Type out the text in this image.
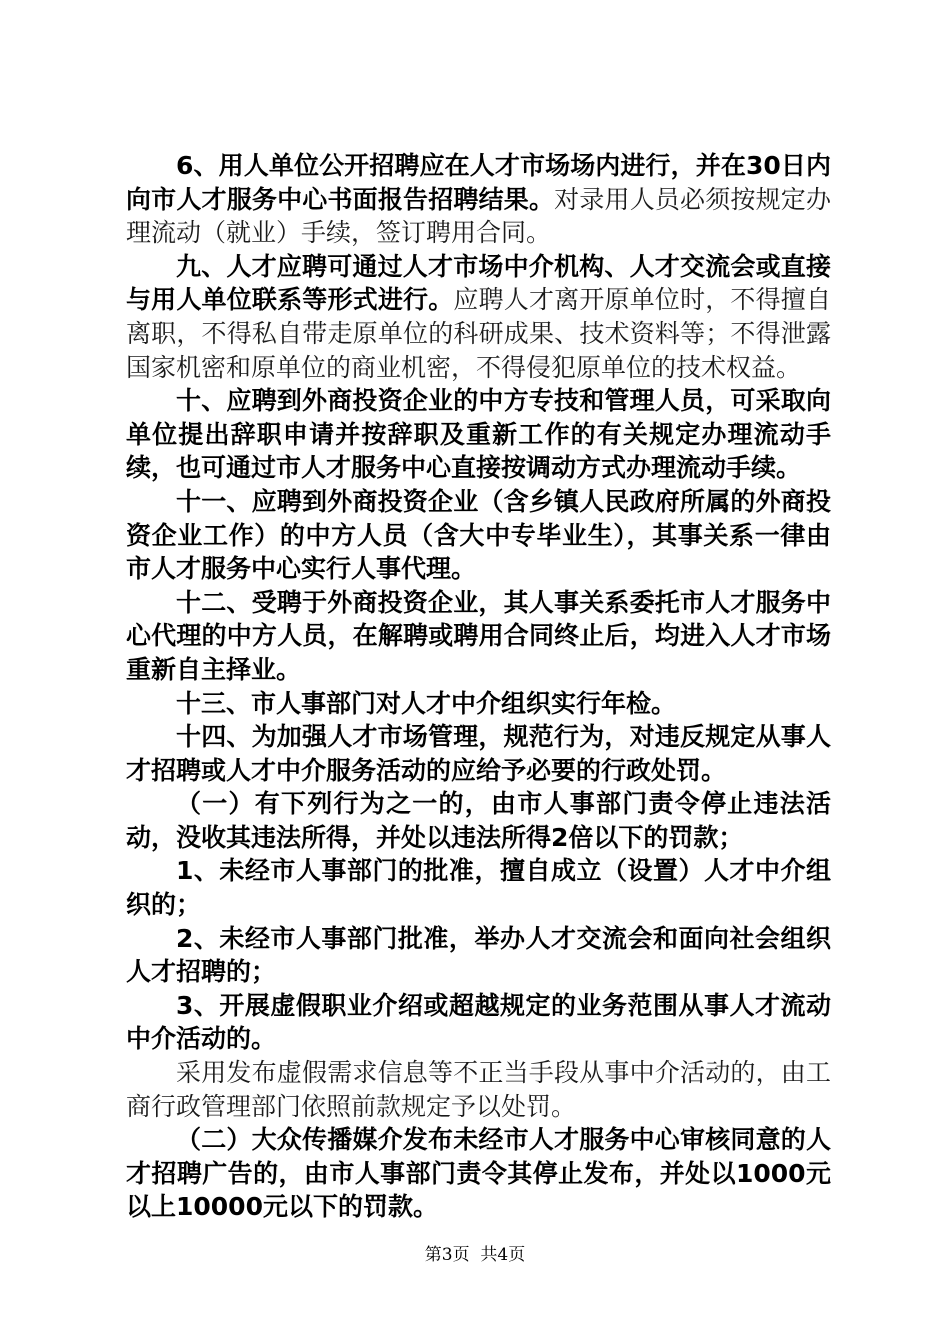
6、用人单位公开招聘应在人才市场场内进行，并在30日内向市人才服务中心书面报告招聘结果。对录用人员必须按规定办理流动（就业）手续，签订聘用合同。

九、人才应聘可通过人才市场中介机构、人才交流会或直接与用人单位联系等形式进行。应聘人才离开原单位时，不得擅自离职，不得私自带走原单位的科研成果、技术资料等；不得泄露国家机密和原单位的商业机密，不得侵犯原单位的技术权益。

十、应聘到外商投资企业的中方专技和管理人员，可采取向单位提出辞职申请并按辞职及重新工作的有关规定办理流动手续，也可通过市人才服务中心直接按调动方式办理流动手续。

十一、应聘到外商投资企业（含乡镇人民政府所属的外商投资企业工作）的中方人员（含大中专毕业生），其事关系一律由市人才服务中心实行人事代理。

十二、受聘于外商投资企业，其人事关系委托市人才服务中心代理的中方人员，在解聘或聘用合同终止后，均进入人才市场重新自主择业。

十三、市人事部门对人才中介组织实行年检。

十四、为加强人才市场管理，规范行为，对违反规定从事人才招聘或人才中介服务活动的应给予必要的行政处罚。

（一）有下列行为之一的，由市人事部门责令停止违法活动，没收其违法所得，并处以违法所得2倍以下的罚款；

1、未经市人事部门的批准，擅自成立（设置）人才中介组织的；

2、未经市人事部门批准，举办人才交流会和面向社会组织人才招聘的；

3、开展虚假职业介绍或超越规定的业务范围从事人才流动中介活动的。

采用发布虚假需求信息等不正当手段从事中介活动的，由工商行政管理部门依照前款规定予以处罚。

（二）大众传播媒介发布未经市人才服务中心审核同意的人才招聘广告的，由市人事部门责令其停止发布，并处以1000元以上10000元以下的罚款。

第3页  共4页
